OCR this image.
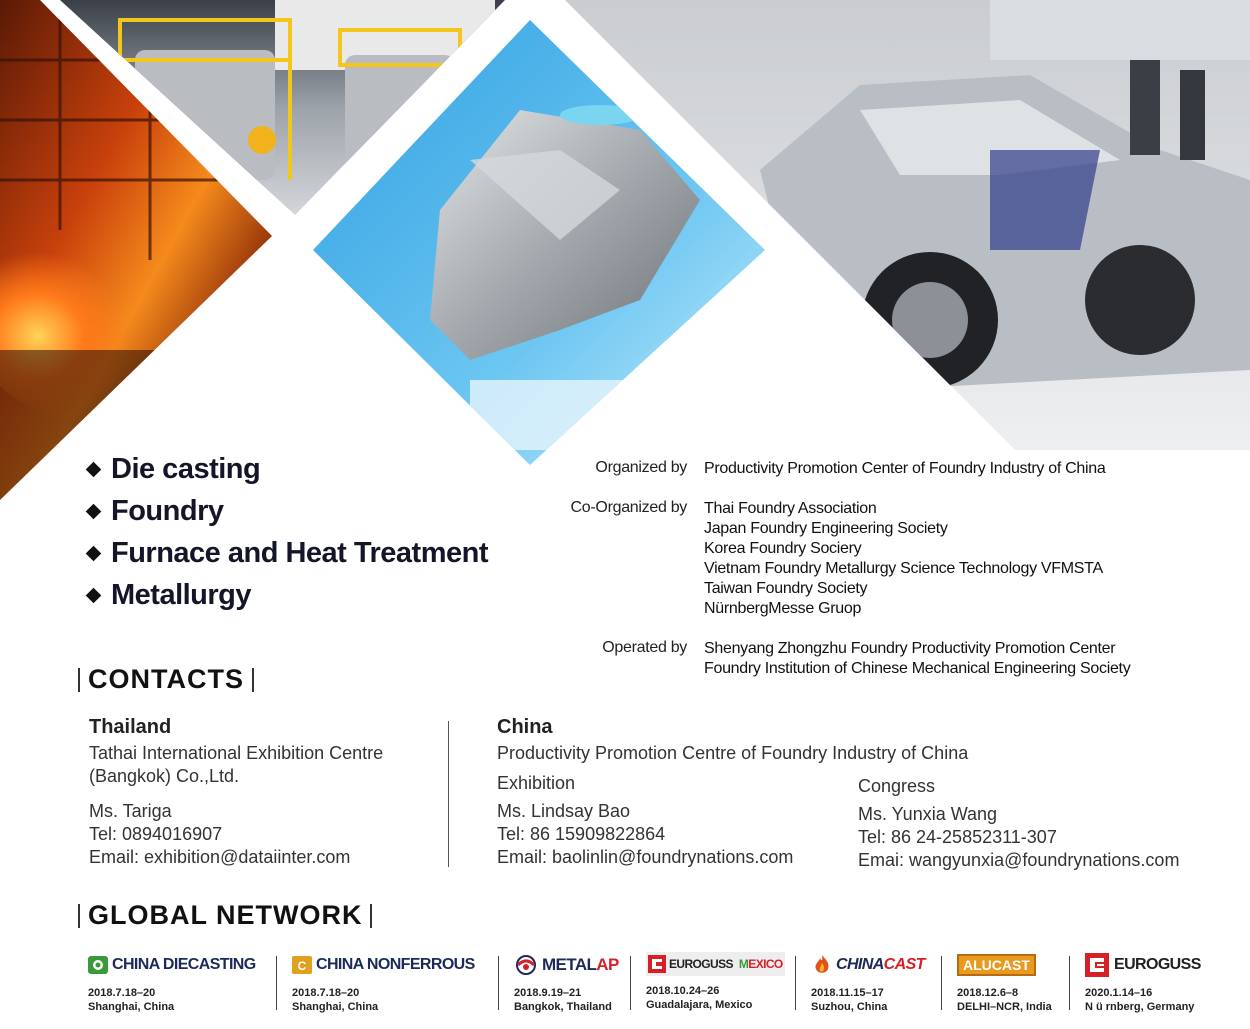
Die casting
Foundry
Furnace and Heat Treatment
Metallurgy
Organized by Productivity Promotion Center of Foundry Industry of China
Co-Organized by Thai Foundry Association
Japan Foundry Engineering Society
Korea Foundry Sociery
Vietnam Foundry Metallurgy Science Technology VFMSTA
Taiwan Foundry Society
NürnbergMesse Gruop
Operated by Shenyang Zhongzhu Foundry Productivity Promotion Center
Foundry Institution of Chinese Mechanical Engineering Society
CONTACTS
Thailand
Tathai International Exhibition Centre
(Bangkok) Co.,Ltd.
Ms. Tariga
Tel: 0894016907
Email: exhibition@dataiinter.com
China
Productivity Promotion Centre of Foundry Industry of China
Exhibition
Ms. Lindsay Bao
Tel: 86 15909822864
Email: baolinlin@foundrynations.com
Congress
Ms. Yunxia Wang
Tel: 86 24-25852311-307
Emai: wangyunxia@foundrynations.com
GLOBAL NETWORK
CHINA DIECASTING
2018.7.18–20
Shanghai, China
C CHINA NONFERROUS
2018.7.18–20
Shanghai, China
METAL AP
2018.9.19–21
Bangkok, Thailand
EUROGUSS M EXICO
2018.10.24–26
Guadalajara, Mexico
CHINA CAST
2018.11.15–17
Suzhou, China
ALUCAST
2018.12.6–8
DELHI–NCR, India
EUROGUSS
2020.1.14–16
N ü rnberg, Germany
